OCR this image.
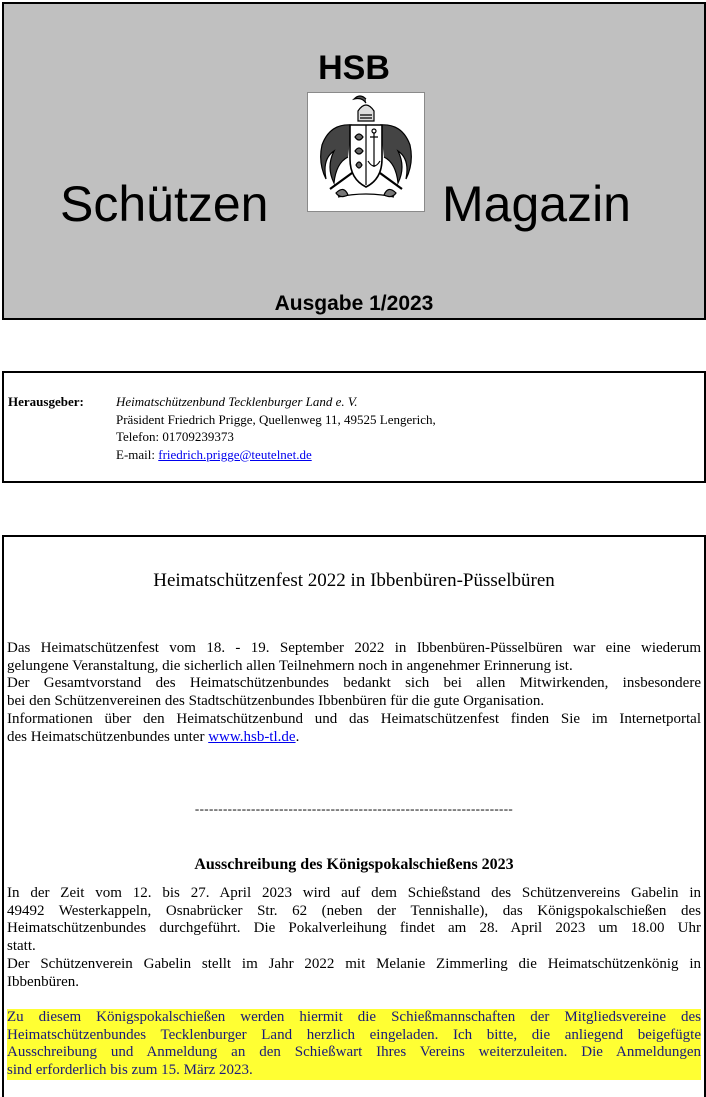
HSB
Schützen	Magazin
Ausgabe 1/2023
Herausgeber: Heimatschützenbund Tecklenburger Land e. V.
Präsident Friedrich Prigge, Quellenweg 11, 49525 Lengerich,
Telefon: 01709239373
E-mail: friedrich.prigge@teutelnet.de
Heimatschützenfest 2022 in Ibbenbüren-Püsselbüren
Das Heimatschützenfest vom 18. - 19. September 2022 in Ibbenbüren-Püsselbüren war eine wiederum
gelungene Veranstaltung, die sicherlich allen Teilnehmern noch in angenehmer Erinnerung ist.
Der Gesamtvorstand des Heimatschützenbundes bedankt sich bei allen Mitwirkenden, insbesondere
bei den Schützenvereinen des Stadtschützenbundes Ibbenbüren für die gute Organisation.
Informationen über den Heimatschützenbund und das Heimatschützenfest finden Sie im Internetportal
des Heimatschützenbundes unter www.hsb-tl.de.
--------------------------------------------------------------------
Ausschreibung des Königspokalschießens 2023
In der Zeit vom 12. bis 27. April 2023 wird auf dem Schießstand des Schützenvereins Gabelin in
49492 Westerkappeln, Osnabrücker Str. 62 (neben der Tennishalle), das Königspokalschießen des
Heimatschützenbundes durchgeführt. Die Pokalverleihung findet am 28. April 2023 um 18.00 Uhr
statt.
Der Schützenverein Gabelin stellt im Jahr 2022 mit Melanie Zimmerling die Heimatschützenkönig in
Ibbenbüren.
Zu diesem Königspokalschießen werden hiermit die Schießmannschaften der Mitgliedsvereine des
Heimatschützenbundes Tecklenburger Land herzlich eingeladen. Ich bitte, die anliegend beigefügte
Ausschreibung und Anmeldung an den Schießwart Ihres Vereins weiterzuleiten. Die Anmeldungen
sind erforderlich bis zum 15. März 2023.
